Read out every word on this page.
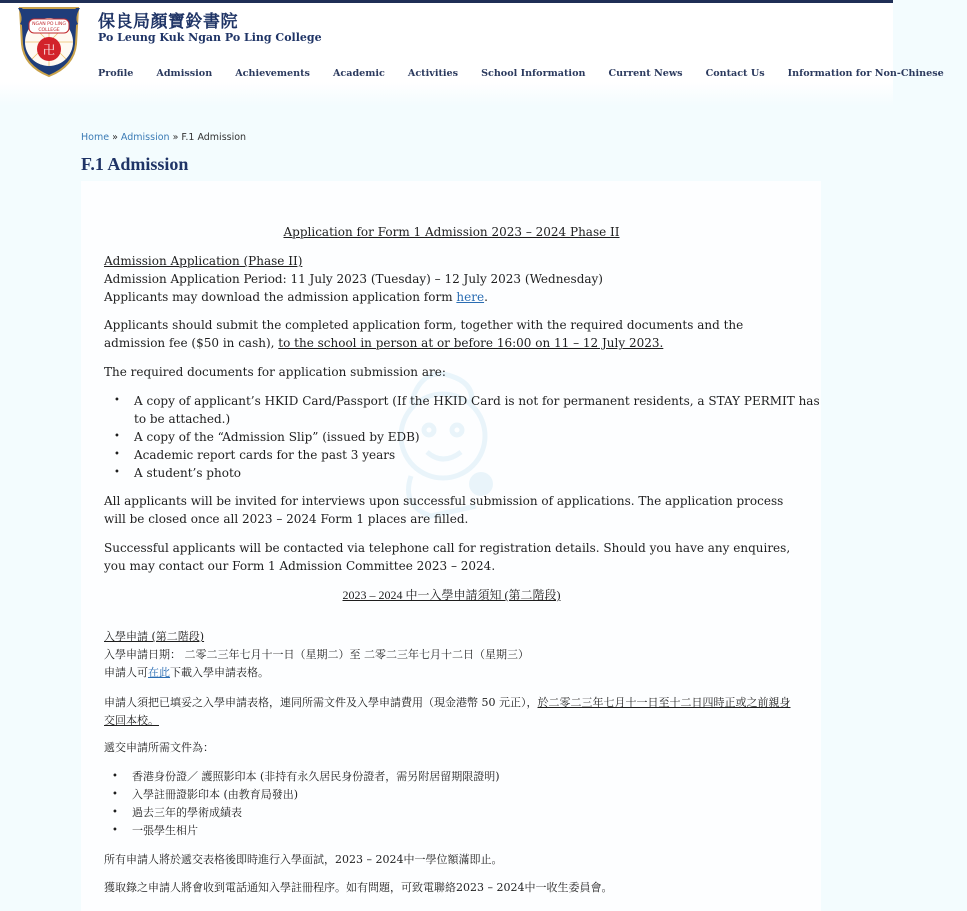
NGAN PO LING
COLLEGE
卍
保良局顏寶鈴書院
Po Leung Kuk Ngan Po Ling College
Profile Admission Achievements Academic Activities School Information Current News Contact Us Information for Non-Chinese
Home » Admission » F.1 Admission
F.1 Admission

Application for Form 1 Admission 2023 – 2024 Phase II

Admission Application (Phase II)

Admission Application Period: 11 July 2023 (Tuesday) – 12 July 2023 (Wednesday)

Applicants may download the admission application form here.

Applicants should submit the completed application form, together with the required documents and the admission fee ($50 in cash), to the school in person at or before 16:00 on 11 – 12 July 2023.

The required documents for application submission are:

• A copy of applicant’s HKID Card/Passport (If the HKID Card is not for permanent residents, a STAY PERMIT has to be attached.)
• A copy of the “Admission Slip” (issued by EDB)
• Academic report cards for the past 3 years
• A student’s photo

All applicants will be invited for interviews upon successful submission of applications. The application process will be closed once all 2023 – 2024 Form 1 places are filled.

Successful applicants will be contacted via telephone call for registration details. Should you have any enquires, you may contact our Form 1 Admission Committee 2023 – 2024.

2023 – 2024 中一入學申請須知 (第二階段)

入學申請 (第二階段)

入學申請日期： 二零二三年七月十一日（星期二）至 二零二三年七月十二日（星期三）

申請人可在此下載入學申請表格。

申請人須把已填妥之入學申請表格，連同所需文件及入學申請費用（現金港幣 50 元正），於二零二三年七月十一日至十二日四時正或之前親身交回本校。

遞交申請所需文件為：

• 香港身份證／ 護照影印本 (非持有永久居民身份證者，需另附居留期限證明)
• 入學註冊證影印本 (由教育局發出)
• 過去三年的學術成績表
• 一張學生相片

所有申請人將於遞交表格後即時進行入學面試，2023 – 2024中一學位額滿即止。

獲取錄之申請人將會收到電話通知入學註冊程序。如有問題，可致電聯絡2023 – 2024中一收生委員會。
